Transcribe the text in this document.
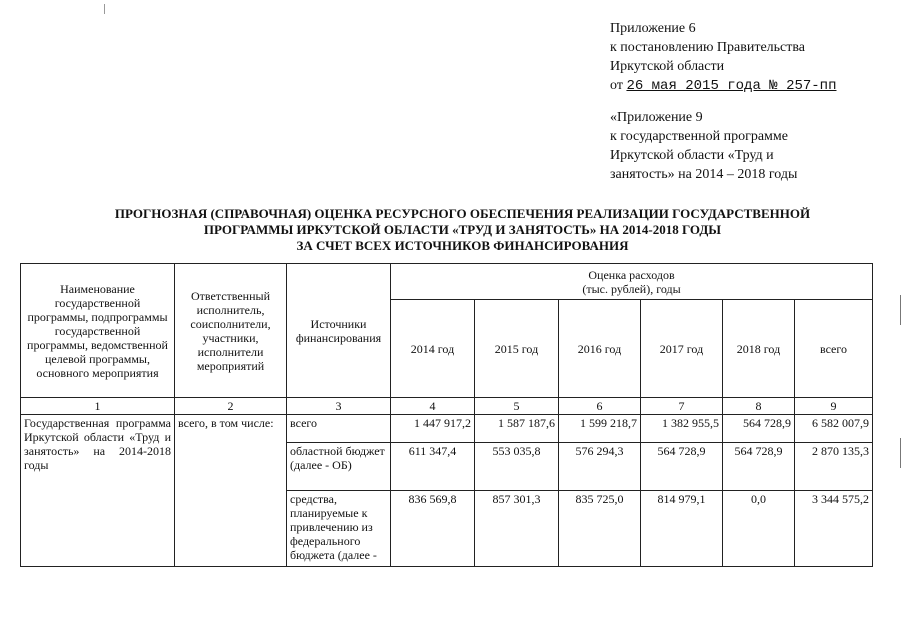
Приложение 6
к постановлению Правительства
Иркутской области
от 26 мая 2015 года № 257-пп
«Приложение 9
к государственной программе
Иркутской области «Труд и
занятость» на 2014 – 2018 годы
ПРОГНОЗНАЯ (СПРАВОЧНАЯ) ОЦЕНКА РЕСУРСНОГО ОБЕСПЕЧЕНИЯ РЕАЛИЗАЦИИ ГОСУДАРСТВЕННОЙ
ПРОГРАММЫ ИРКУТСКОЙ ОБЛАСТИ «ТРУД И ЗАНЯТОСТЬ» НА 2014-2018 ГОДЫ
ЗА СЧЕТ ВСЕХ ИСТОЧНИКОВ ФИНАНСИРОВАНИЯ
Наименование государственной программы, подпрограммы государственной программы, ведомственной целевой программы, основного мероприятия	Ответственный исполнитель, соисполнители, участники, исполнители мероприятий	Источники финансирования	Оценка расходов
(тыс. рублей), годы					

			2014 год	2015 год	2016 год	2017 год	2018 год	всего
1	2	3	4	5	6	7	8	9
Государственная программа Иркутской области «Труд и занятость» на 2014-2018 годы	всего, в том числе:	всего	1 447 917,2	1 587 187,6	1 599 218,7	1 382 955,5	564 728,9	6 582 007,9
		областной бюджет (далее - ОБ)	611 347,4	553 035,8	576 294,3	564 728,9	564 728,9	2 870 135,3
		средства, планируемые к привлечению из федерального бюджета (далее -	836 569,8	857 301,3	835 725,0	814 979,1	0,0	3 344 575,2
